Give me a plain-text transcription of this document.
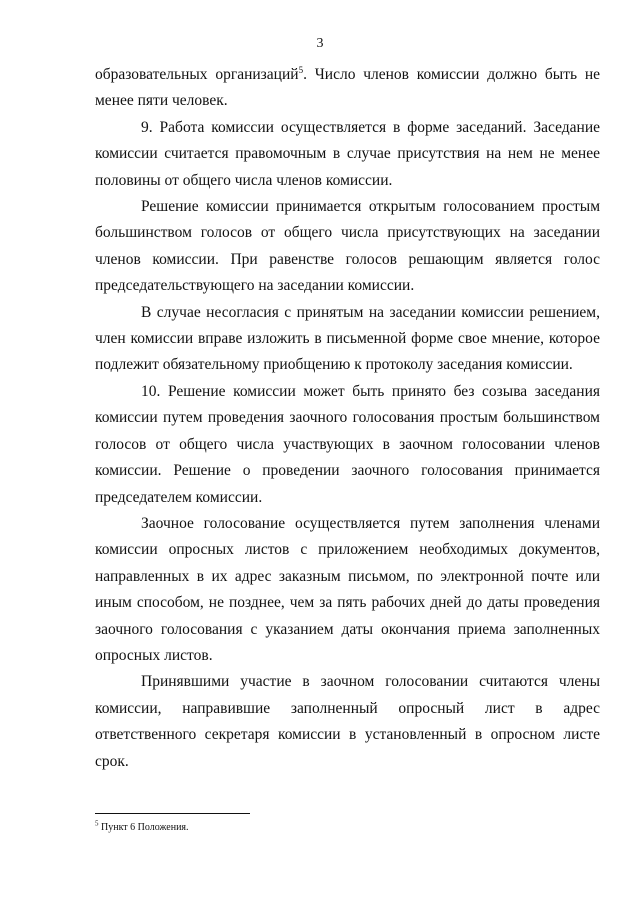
3

образовательных организаций$^5$. Число членов комиссии должно быть не менее пяти человек.

9. Работа комиссии осуществляется в форме заседаний. Заседание комиссии считается правомочным в случае присутствия на нем не менее половины от общего числа членов комиссии.

Решение комиссии принимается открытым голосованием простым большинством голосов от общего числа присутствующих на заседании членов комиссии. При равенстве голосов решающим является голос председательствующего на заседании комиссии.

В случае несогласия с принятым на заседании комиссии решением, член комиссии вправе изложить в письменной форме свое мнение, которое подлежит обязательному приобщению к протоколу заседания комиссии.

10. Решение комиссии может быть принято без созыва заседания комиссии путем проведения заочного голосования простым большинством голосов от общего числа участвующих в заочном голосовании членов комиссии. Решение о проведении заочного голосования принимается председателем комиссии.

Заочное голосование осуществляется путем заполнения членами комиссии опросных листов с приложением необходимых документов, направленных в их адрес заказным письмом, по электронной почте или иным способом, не позднее, чем за пять рабочих дней до даты проведения заочного голосования с указанием даты окончания приема заполненных опросных листов.

Принявшими участие в заочном голосовании считаются члены комиссии, направившие заполненный опросный лист в адрес ответственного секретаря комиссии в установленный в опросном листе срок.

$^5$ Пункт 6 Положения.
